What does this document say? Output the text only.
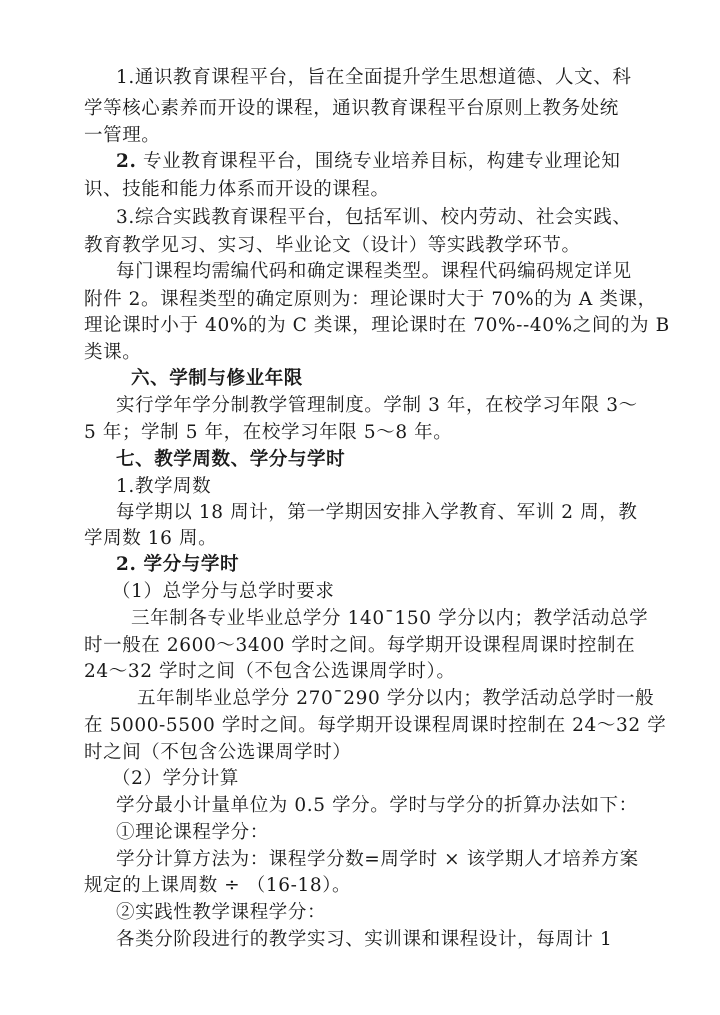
1.通识教育课程平台，旨在全面提升学生思想道德、人文、科
学等核心素养而开设的课程，通识教育课程平台原则上教务处统
一管理。
2. 专业教育课程平台，围绕专业培养目标，构建专业理论知
识、技能和能力体系而开设的课程。
3.综合实践教育课程平台，包括军训、校内劳动、社会实践、
教育教学见习、实习、毕业论文（设计）等实践教学环节。
每门课程均需编代码和确定课程类型。课程代码编码规定详见
附件 2。课程类型的确定原则为：理论课时大于 70%的为 A 类课，
理论课时小于 40%的为 C 类课，理论课时在 70%--40%之间的为 B
类课。
六、学制与修业年限
实行学年学分制教学管理制度。学制 3 年，在校学习年限 3～
5 年；学制 5 年，在校学习年限 5～8 年。
七、教学周数、学分与学时
1.教学周数
每学期以 18 周计，第一学期因安排入学教育、军训 2 周，教
学周数 16 周。
2. 学分与学时
（1）总学分与总学时要求
三年制各专业毕业总学分 140¯150 学分以内；教学活动总学
时一般在 2600～3400 学时之间。每学期开设课程周课时控制在
24～32 学时之间（不包含公选课周学时）。
五年制毕业总学分 270¯290 学分以内；教学活动总学时一般
在 5000-5500 学时之间。每学期开设课程周课时控制在 24～32 学
时之间（不包含公选课周学时）
（2）学分计算
学分最小计量单位为 0.5 学分。学时与学分的折算办法如下：
①理论课程学分：
学分计算方法为：课程学分数=周学时 × 该学期人才培养方案
规定的上课周数 ÷ （16-18）。
②实践性教学课程学分：
各类分阶段进行的教学实习、实训课和课程设计，每周计 1
